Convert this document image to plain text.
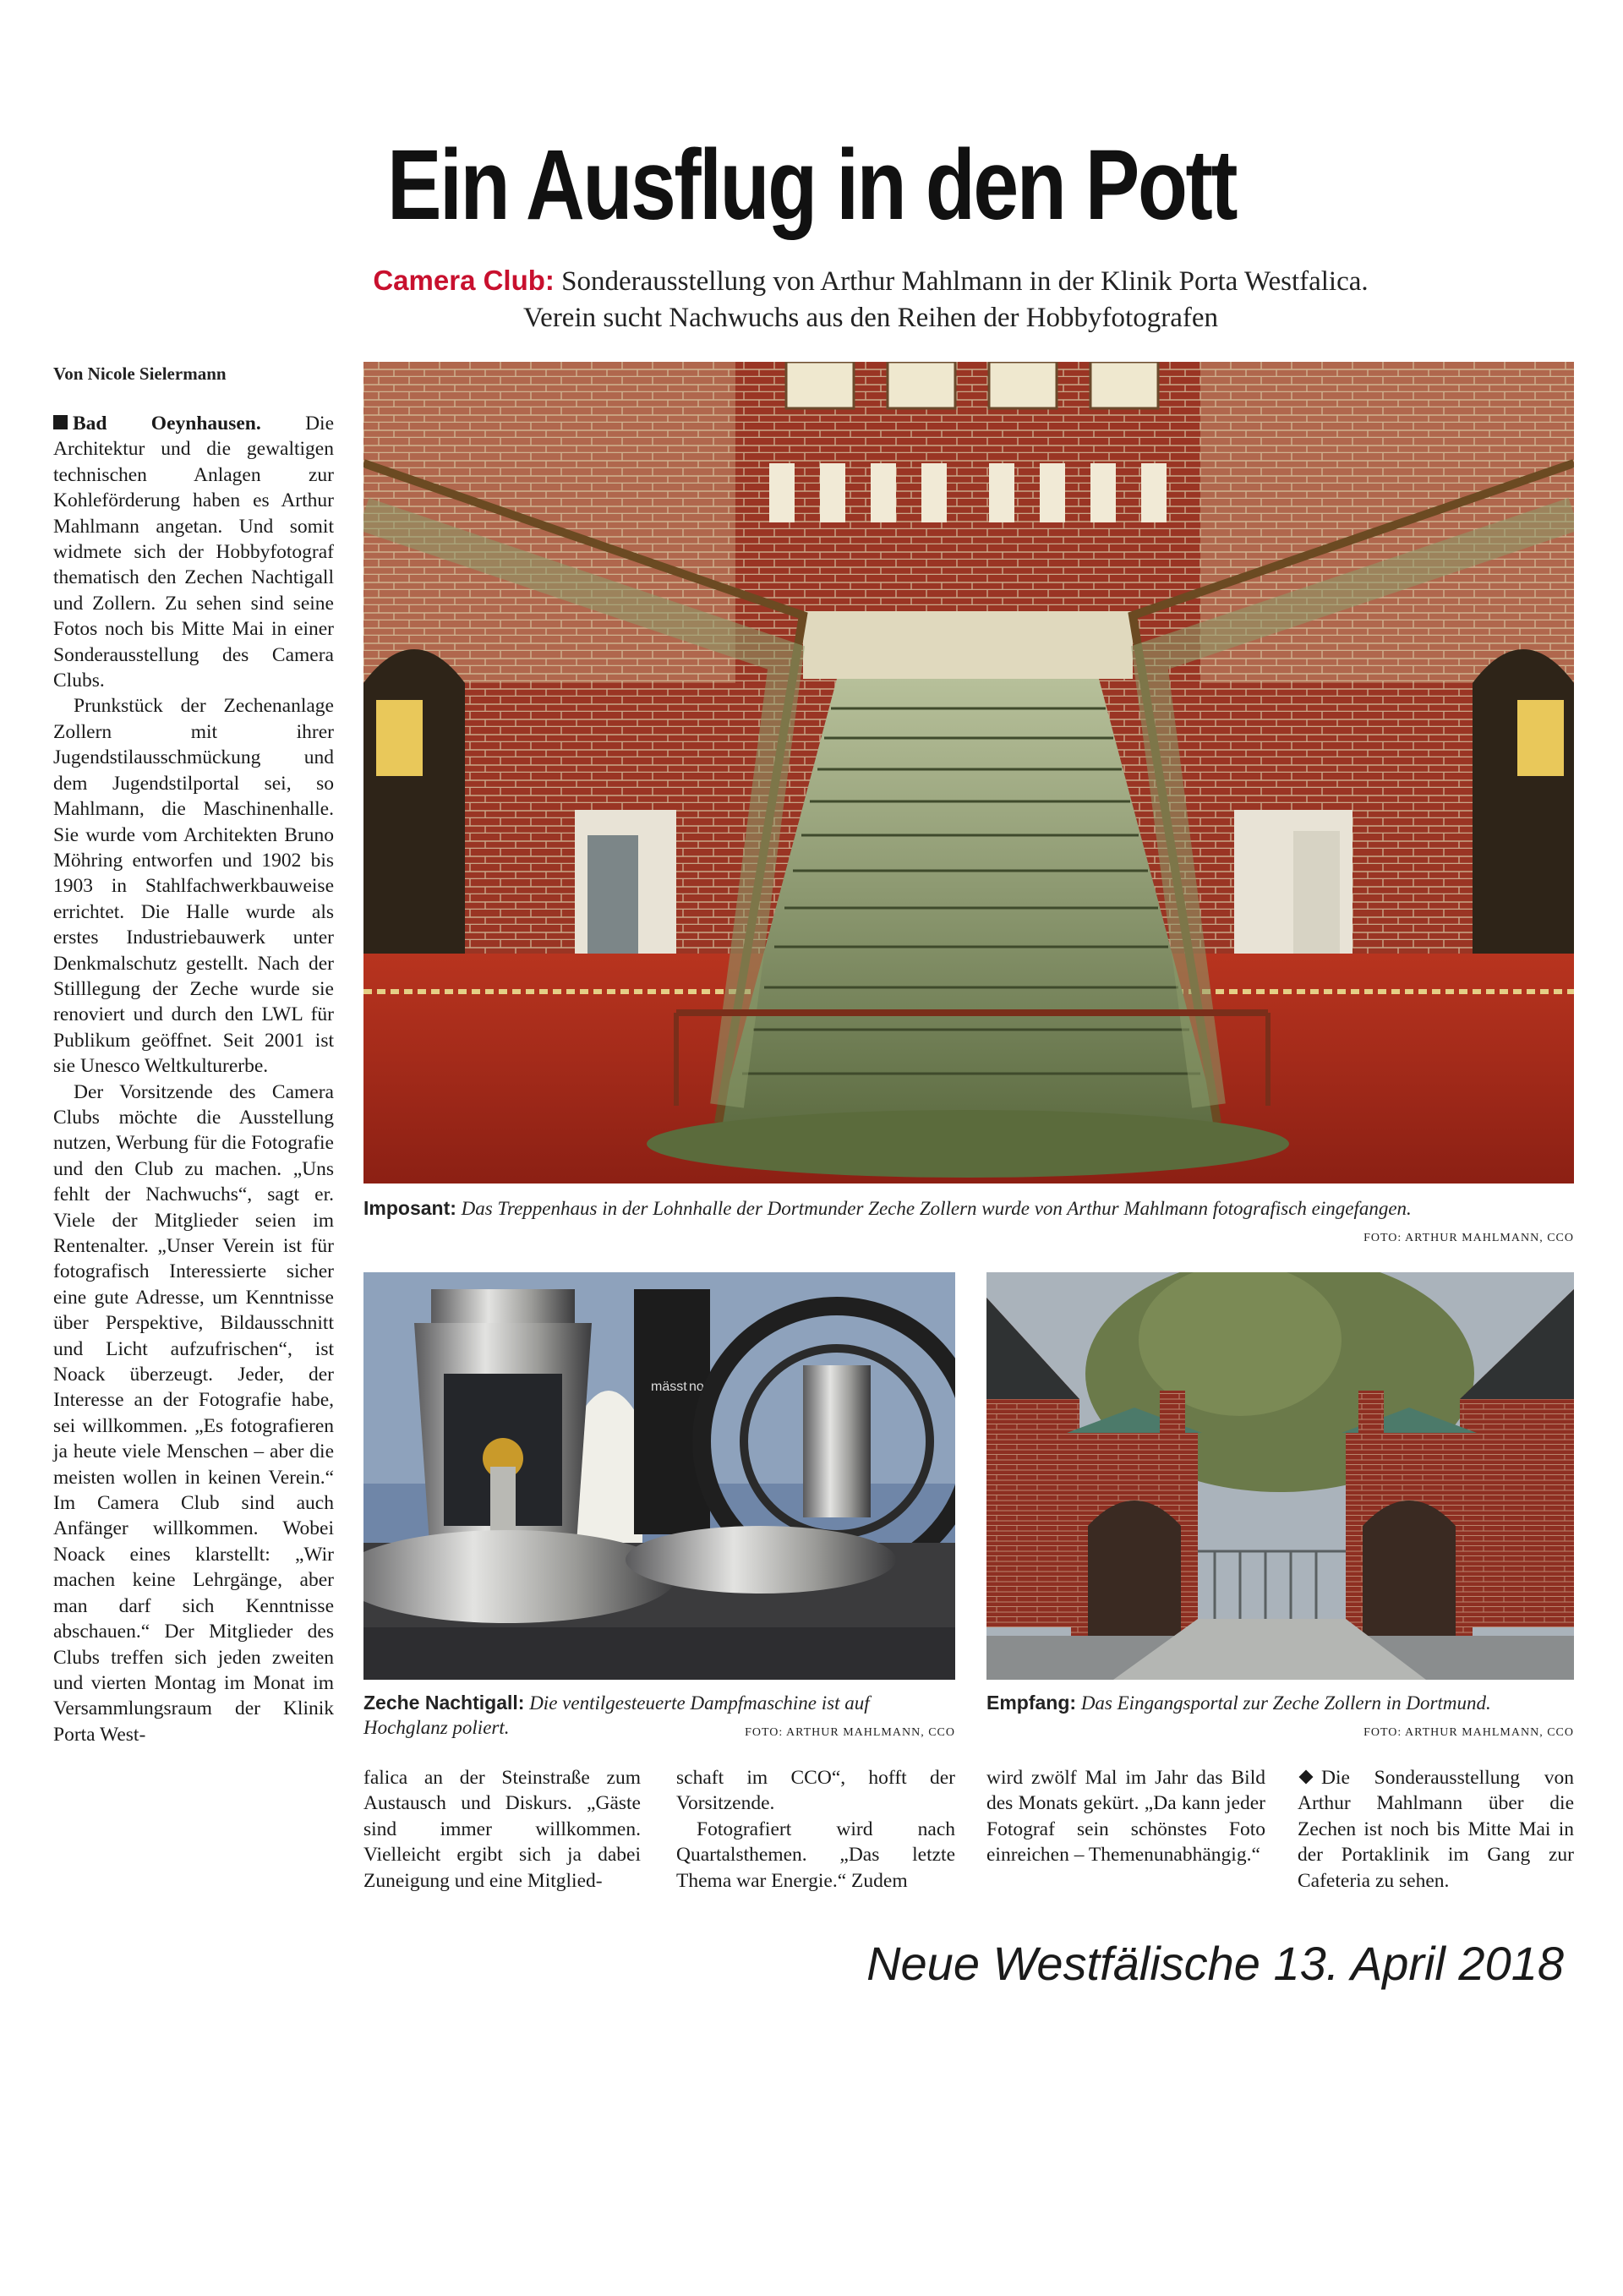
Ein Ausflug in den Pott
Camera Club: Sonderausstellung von Arthur Mahlmann in der Klinik Porta Westfalica.
Verein sucht Nachwuchs aus den Reihen der Hobbyfotografen
Von Nicole Sielermann

Bad Oeynhausen. Die Architektur und die gewaltigen technischen Anlagen zur Kohleförderung haben es Arthur Mahlmann angetan. Und somit widmete sich der Hobbyfotograf thematisch den Zechen Nachtigall und Zollern. Zu sehen sind seine Fotos noch bis Mitte Mai in einer Sonderausstellung des Camera Clubs.

Prunkstück der Zechenanlage Zollern mit ihrer Jugendstilausschmückung und dem Jugendstilportal sei, so Mahlmann, die Maschinenhalle. Sie wurde vom Architekten Bruno Möhring entworfen und 1902 bis 1903 in Stahlfachwerkbauweise errichtet. Die Halle wurde als erstes Industriebauwerk unter Denkmalschutz gestellt. Nach der Stilllegung der Zeche wurde sie renoviert und durch den LWL für Publikum geöffnet. Seit 2001 ist sie Unesco Weltkulturerbe.

Der Vorsitzende des Camera Clubs möchte die Ausstellung nutzen, Werbung für die Fotografie und den Club zu machen. „Uns fehlt der Nachwuchs“, sagt er. Viele der Mitglieder seien im Rentenalter. „Unser Verein ist für fotografisch Interessierte sicher eine gute Adresse, um Kenntnisse über Perspektive, Bildausschnitt und Licht aufzufrischen“, ist Noack überzeugt. Jeder, der Interesse an der Fotografie habe, sei willkommen. „Es fotografieren ja heute viele Menschen – aber die meisten wollen in keinen Verein.“ Im Camera Club sind auch Anfänger willkommen. Wobei Noack eines klarstellt: „Wir machen keine Lehrgänge, aber man darf sich Kenntnisse abschauen.“ Der Mitglieder des Clubs treffen sich jeden zweiten und vierten Montag im Monat im Versammlungsraum der Klinik Porta West-

Imposant: Das Treppenhaus in der Lohnhalle der Dortmunder Zeche Zollern wurde von Arthur Mahlmann fotografisch eingefangen.
FOTO: ARTHUR MAHLMANN, CCO
mässt norm
Zeche Nachtigall: Die ventilgesteuerte Dampfmaschine ist auf Hochglanz poliert.	FOTO: ARTHUR MAHLMANN, CCO
Empfang: Das Eingangsportal zur Zeche Zollern in Dortmund.
FOTO: ARTHUR MAHLMANN, CCO

falica an der Steinstraße zum Austausch und Diskurs. „Gäste sind immer willkommen. Vielleicht ergibt sich ja dabei Zuneigung und eine Mitglied-

schaft im CCO“, hofft der Vorsitzende.

Fotografiert wird nach Quartalsthemen. „Das letzte Thema war Energie.“ Zudem

wird zwölf Mal im Jahr das Bild des Monats gekürt. „Da kann jeder Fotograf sein schönstes Foto einreichen – Themenunabhängig.“

Die Sonderausstellung von Arthur Mahlmann über die Zechen ist noch bis Mitte Mai in der Portaklinik im Gang zur Cafeteria zu sehen.

Neue Westfälische 13. April 2018
